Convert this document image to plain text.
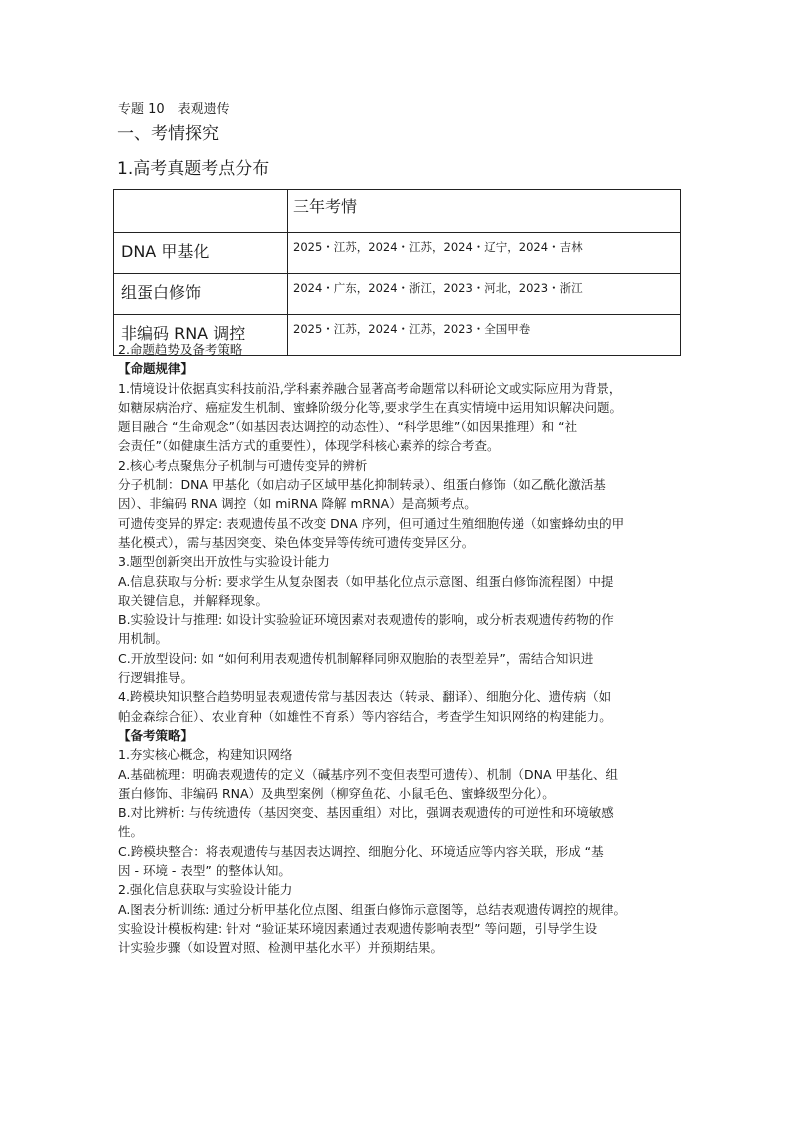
专题 10　表观遗传
一、考情探究
1.高考真题考点分布
	三年考情
DNA 甲基化	2025・江苏，2024・江苏，2024・辽宁，2024・吉林
组蛋白修饰	2024・广东，2024・浙江，2023・河北，2023・浙江
非编码 RNA 调控	2025・江苏，2024・江苏，2023・全国甲卷

2.命题趋势及备考策略

【命题规律】

1.情境设计依据真实科技前沿,学科素养融合显著高考命题常以科研论文或实际应用为背景，

如糖尿病治疗、癌症发生机制、蜜蜂阶级分化等,要求学生在真实情境中运用知识解决问题。

题目融合 “生命观念”（如基因表达调控的动态性）、“科学思维”（如因果推理）和 “社

会责任”（如健康生活方式的重要性），体现学科核心素养的综合考查。

2.核心考点聚焦分子机制与可遗传变异的辨析

分子机制：DNA 甲基化（如启动子区域甲基化抑制转录）、组蛋白修饰（如乙酰化激活基

因）、非编码 RNA 调控（如 miRNA 降解 mRNA）是高频考点。

可遗传变异的界定: 表观遗传虽不改变 DNA 序列，但可通过生殖细胞传递（如蜜蜂幼虫的甲

基化模式），需与基因突变、染色体变异等传统可遗传变异区分。

3.题型创新突出开放性与实验设计能力

A.信息获取与分析: 要求学生从复杂图表（如甲基化位点示意图、组蛋白修饰流程图）中提

取关键信息，并解释现象。

B.实验设计与推理: 如设计实验验证环境因素对表观遗传的影响，或分析表观遗传药物的作

用机制。

C.开放型设问: 如 “如何利用表观遗传机制解释同卵双胞胎的表型差异”，需结合知识进

行逻辑推导。

4.跨模块知识整合趋势明显表观遗传常与基因表达（转录、翻译）、细胞分化、遗传病（如

帕金森综合征）、农业育种（如雄性不育系）等内容结合，考查学生知识网络的构建能力。

【备考策略】

1.夯实核心概念，构建知识网络

A.基础梳理：明确表观遗传的定义（碱基序列不变但表型可遗传）、机制（DNA 甲基化、组

蛋白修饰、非编码 RNA）及典型案例（柳穿鱼花、小鼠毛色、蜜蜂级型分化）。

B.对比辨析: 与传统遗传（基因突变、基因重组）对比，强调表观遗传的可逆性和环境敏感

性。

C.跨模块整合：将表观遗传与基因表达调控、细胞分化、环境适应等内容关联，形成 “基

因 - 环境 - 表型” 的整体认知。

2.强化信息获取与实验设计能力

A.图表分析训练: 通过分析甲基化位点图、组蛋白修饰示意图等，总结表观遗传调控的规律。

实验设计模板构建: 针对 “验证某环境因素通过表观遗传影响表型” 等问题，引导学生设

计实验步骤（如设置对照、检测甲基化水平）并预期结果。
